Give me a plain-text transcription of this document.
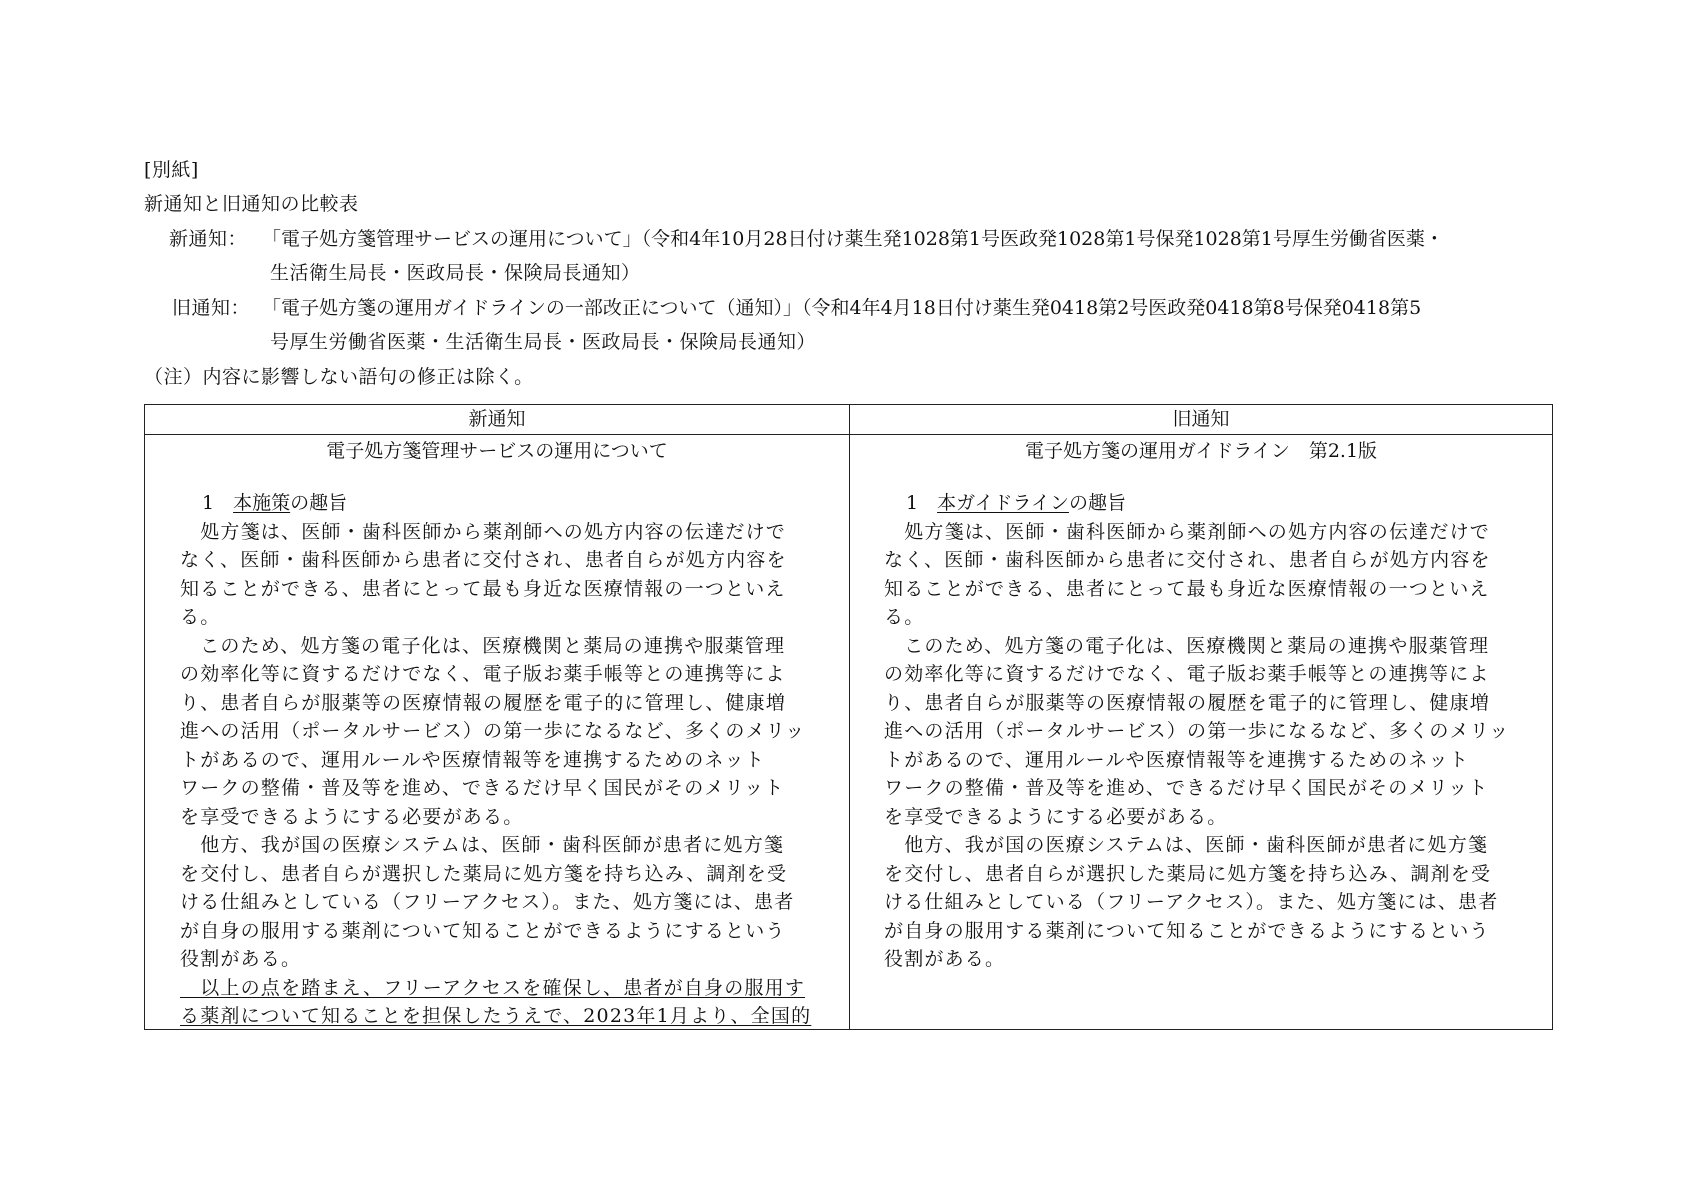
[別紙]
新通知と旧通知の比較表
新通知： 「電子処方箋管理サービスの運用について」（令和4年10月28日付け薬生発1028第1号医政発1028第1号保発1028第1号厚生労働省医薬・
生活衛生局長・医政局長・保険局長通知）
旧通知： 「電子処方箋の運用ガイドラインの一部改正について（通知）」（令和4年4月18日付け薬生発0418第2号医政発0418第8号保発0418第5
号厚生労働省医薬・生活衛生局長・医政局長・保険局長通知）
（注）内容に影響しない語句の修正は除く。
新通知	旧通知
電子処方箋管理サービスの運用について	電子処方箋の運用ガイドライン　第2.1版

1　本施策の趣旨

　処方箋は、医師・歯科医師から薬剤師への処方内容の伝達だけで

なく、医師・歯科医師から患者に交付され、患者自らが処方内容を

知ることができる、患者にとって最も身近な医療情報の一つといえ

る。

　このため、処方箋の電子化は、医療機関と薬局の連携や服薬管理

の効率化等に資するだけでなく、電子版お薬手帳等との連携等によ

り、患者自らが服薬等の医療情報の履歴を電子的に管理し、健康増

進への活用（ポータルサービス）の第一歩になるなど、多くのメリッ

トがあるので、運用ルールや医療情報等を連携するためのネット

ワークの整備・普及等を進め、できるだけ早く国民がそのメリット

を享受できるようにする必要がある。

　他方、我が国の医療システムは、医師・歯科医師が患者に処方箋

を交付し、患者自らが選択した薬局に処方箋を持ち込み、調剤を受

ける仕組みとしている（フリーアクセス）。また、処方箋には、患者

が自身の服用する薬剤について知ることができるようにするという

役割がある。

　以上の点を踏まえ、フリーアクセスを確保し、患者が自身の服用す

る薬剤について知ることを担保したうえで、2023年1月より、全国的

1　本ガイドラインの趣旨

　処方箋は、医師・歯科医師から薬剤師への処方内容の伝達だけで

なく、医師・歯科医師から患者に交付され、患者自らが処方内容を

知ることができる、患者にとって最も身近な医療情報の一つといえ

る。

　このため、処方箋の電子化は、医療機関と薬局の連携や服薬管理

の効率化等に資するだけでなく、電子版お薬手帳等との連携等によ

り、患者自らが服薬等の医療情報の履歴を電子的に管理し、健康増

進への活用（ポータルサービス）の第一歩になるなど、多くのメリッ

トがあるので、運用ルールや医療情報等を連携するためのネット

ワークの整備・普及等を進め、できるだけ早く国民がそのメリット

を享受できるようにする必要がある。

　他方、我が国の医療システムは、医師・歯科医師が患者に処方箋

を交付し、患者自らが選択した薬局に処方箋を持ち込み、調剤を受

ける仕組みとしている（フリーアクセス）。また、処方箋には、患者

が自身の服用する薬剤について知ることができるようにするという

役割がある。
